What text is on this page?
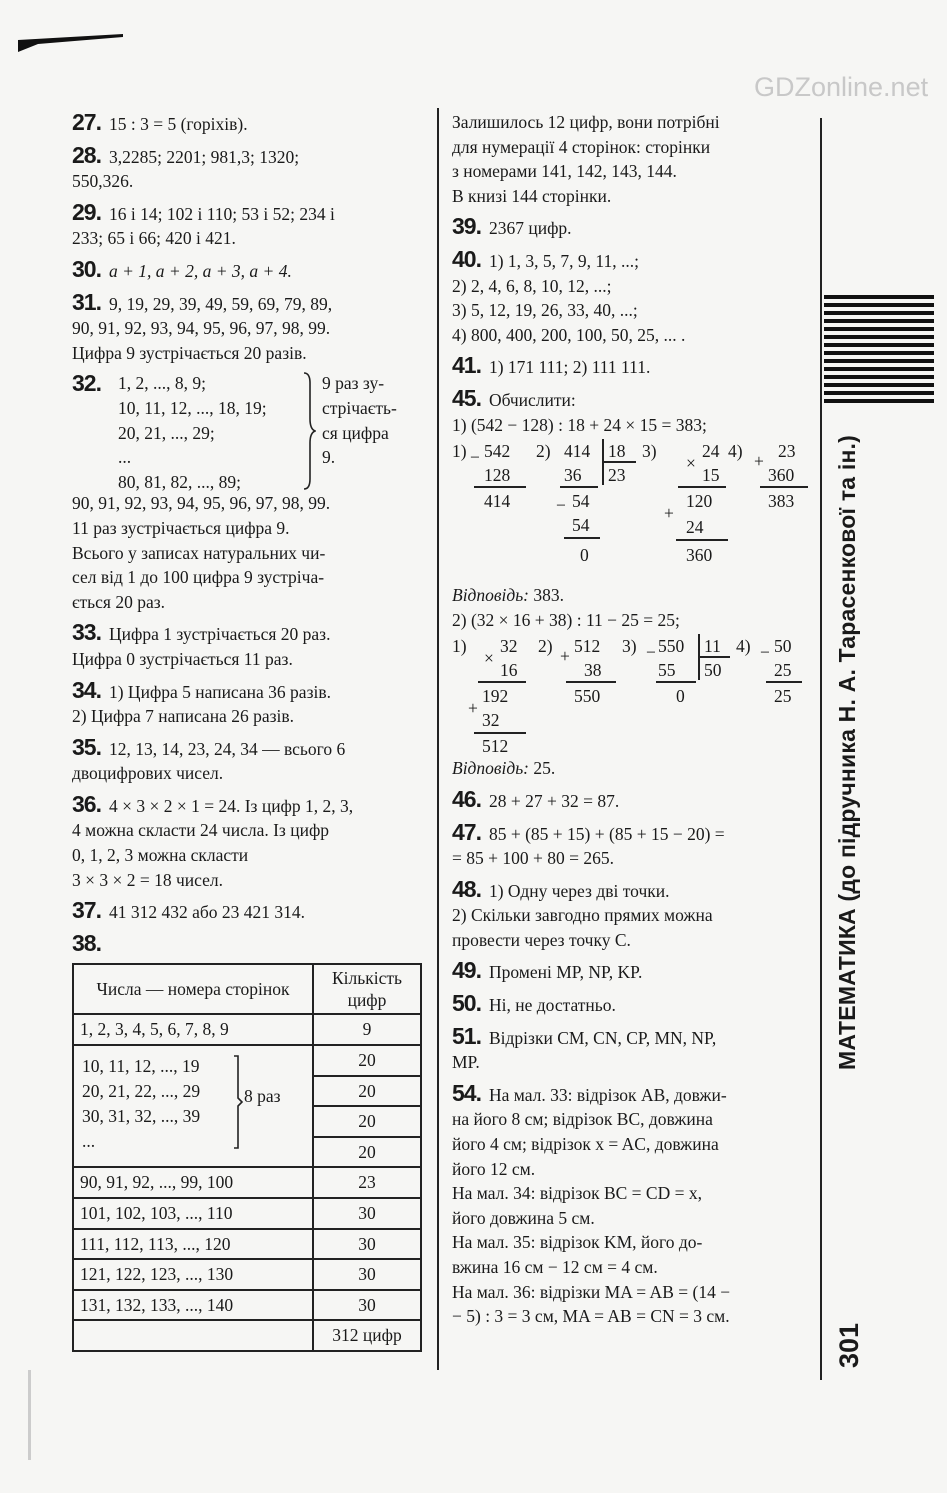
GDZonline.net
27. 15 : 3 = 5 (горіхів).
28. 3,2285; 2201; 981,3; 1320;
550,326.
29. 16 і 14; 102 і 110; 53 і 52; 234 і
233; 65 і 66; 420 і 421.
30. a + 1, a + 2, a + 3, a + 4.
31. 9, 19, 29, 39, 49, 59, 69, 79, 89,
90, 91, 92, 93, 94, 95, 96, 97, 98, 99.
Цифра 9 зустрічається 20 разів.
32. 1, 2, ..., 8, 9;
10, 11, 12, ..., 18, 19;
20, 21, ..., 29;
...
80, 81, 82, ..., 89;
9 раз зу-
стрічаєть-
ся цифра
9.
90, 91, 92, 93, 94, 95, 96, 97, 98, 99.
11 раз зустрічається цифра 9.
Всього у записах натуральних чи-
сел від 1 до 100 цифра 9 зустріча-
ється 20 раз.
33. Цифра 1 зустрічається 20 раз.
Цифра 0 зустрічається 11 раз.
34. 1) Цифра 5 написана 36 разів.
2) Цифра 7 написана 26 разів.
35. 12, 13, 14, 23, 24, 34 — всього 6
двоцифрових чисел.
36. 4 × 3 × 2 × 1 = 24. Із цифр 1, 2, 3,
4 можна скласти 24 числа. Із цифр
0, 1, 2, 3 можна скласти
3 × 3 × 2 = 18 чисел.
37. 41 312 432 або 23 421 314.
38.
Числа — номера сторінок	Кількість цифр
1, 2, 3, 4, 5, 6, 7, 8, 9	9

10, 11, 12, ..., 19
20, 21, 22, ..., 29
30, 31, 32, ..., 39
...
8 раз	20
	20
	20
	20
90, 91, 92, ..., 99, 100	23
101, 102, 103, ..., 110	30
111, 112, 113, ..., 120	30
121, 122, 123, ..., 130	30
131, 132, 133, ..., 140	30
	312 цифр
Залишилось 12 цифр, вони потрібні
для нумерації 4 сторінок: сторінки
з номерами 141, 142, 143, 144.
В книзі 144 сторінки.
39. 2367 цифр.
40. 1) 1, 3, 5, 7, 9, 11, ...;
2) 2, 4, 6, 8, 10, 12, ...;
3) 5, 12, 19, 26, 33, 40, ...;
4) 800, 400, 200, 100, 50, 25, ... .
41. 1) 171 111; 2) 111 111.
45. Обчислити:
1) (542 − 128) : 18 + 24 × 15 = 383;
1) − 542
128
414
2) 414 18
23
36
− 54
54
0
3)
×
24
15
120
+
24
360
4) + 23
360
383
Відповідь: 383.
2) (32 × 16 + 38) : 11 − 25 = 25;
1)
×
32
16
192
+
32
512
2) + 512
38
550
3) − 550
55
11
50
0
4) − 50
25
25
Відповідь: 25.
46. 28 + 27 + 32 = 87.
47. 85 + (85 + 15) + (85 + 15 − 20) =
= 85 + 100 + 80 = 265.
48. 1) Одну через дві точки.
2) Скільки завгодно прямих можна
провести через точку C.
49. Промені MP, NP, KP.
50. Ні, не достатньо.
51. Відрізки CM, CN, CP, MN, NP,
MP.
54. На мал. 33: відрізок AB, довжи-
на його 8 см; відрізок BC, довжина
його 4 см; відрізок x = AC, довжина
його 12 см.
На мал. 34: відрізок BC = CD = x,
його довжина 5 см.
На мал. 35: відрізок KM, його до-
вжина 16 см − 12 см = 4 см.
На мал. 36: відрізки MA = AB = (14 −
− 5) : 3 = 3 см, MA = AB = CN = 3 см.
МАТЕМАТИКА (до підручника Н. А. Тарасенкової та ін.)
301
